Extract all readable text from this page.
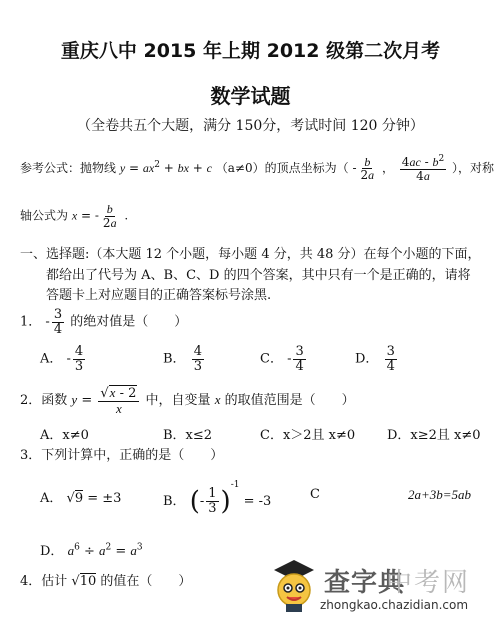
重庆八中 2015 年上期 2012 级第二次月考
数学试题
（全卷共五个大题，满分 150分，考试时间 120 分钟）
参考公式：抛物线 $y = ax^2$ + bx + c （a≠0）的顶点坐标为（ - $\frac{b}{2a}$ ， $\frac{4ac - b^2}{4a}$ ），对称
轴公式为 x = - $\frac{b}{2a}$ .
一、选择题:（本大题 12 个小题，每小题 4 分，共 48 分）在每个小题的下面，
都给出了代号为 A、B、C、D 的四个答案，其中只有一个是正确的，请将
答题卡上对应题目的正确答案标号涂黑.
1． - $\frac{3}{4}$ 的绝对值是（　　）
A． - $\frac{4}{3}$	B． $\frac{4}{3}$	C． - $\frac{3}{4}$	D． $\frac{3}{4}$
2．函数 $y = \frac{√x - 2}{x}$ 中，自变量 x 的取值范围是（　　）
A．x≠0	B．x≤2	C．x＞2且 x≠0 D．x≥2且 x≠0
3．下列计算中，正确的是（　　）
A． √9 = ±3	B． (- $\frac{1}{3} )^{-1} = -3$	C	2a+3b=5ab
D． $a^6 \div a^2 = a^3$
4．估计 √10 的值在（　　）	查字典
中考网
zhongkao.chazidian.com
